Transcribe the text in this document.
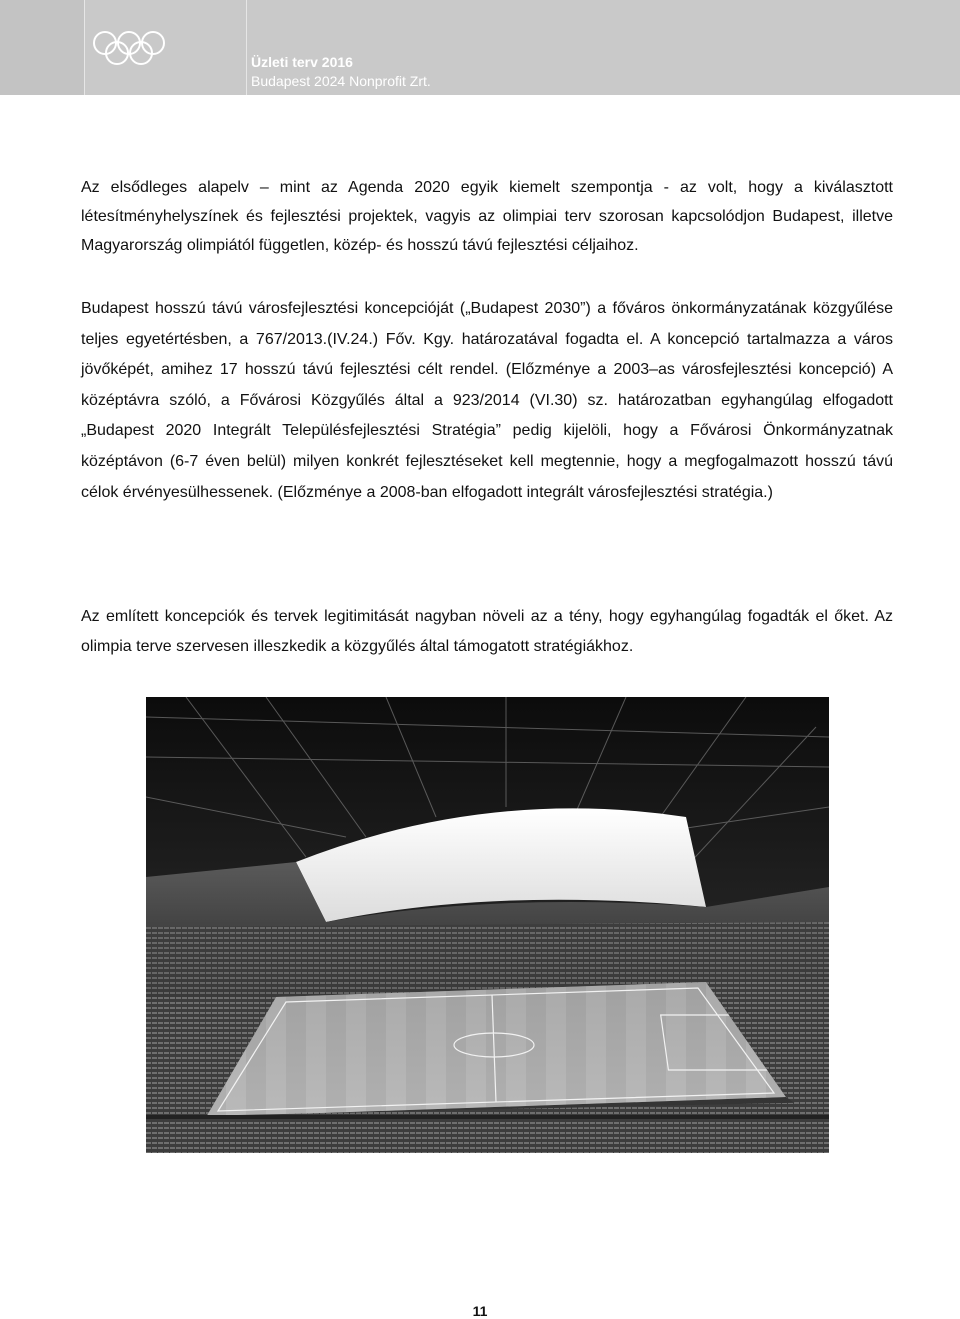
Üzleti terv 2016
Budapest 2024 Nonprofit Zrt.

Az elsődleges alapelv – mint az Agenda 2020 egyik kiemelt szempontja - az volt, hogy a kiválasztott létesítményhelyszínek és fejlesztési projektek, vagyis az olimpiai terv szorosan kapcsolódjon Budapest, illetve Magyarország olimpiától független, közép- és hosszú távú fejlesztési céljaihoz.

Budapest hosszú távú városfejlesztési koncepcióját („Budapest 2030”) a főváros önkormányzatának közgyűlése teljes egyetértésben, a 767/2013.(IV.24.) Főv. Kgy. határozatával fogadta el. A koncepció tartalmazza a város jövőképét, amihez 17 hosszú távú fejlesztési célt rendel. (Előzménye a 2003–as városfejlesztési koncepció) A középtávra szóló, a Fővárosi Közgyűlés által a 923/2014 (VI.30) sz. határozatban egyhangúlag elfogadott „Budapest 2020 Integrált Településfejlesztési Stratégia” pedig kijelöli, hogy a Fővárosi Önkormányzatnak középtávon (6-7 éven belül) milyen konkrét fejlesztéseket kell megtennie, hogy a megfogalmazott hosszú távú célok érvényesülhessenek. (Előzménye a 2008-ban elfogadott integrált városfejlesztési stratégia.)

Az említett koncepciók és tervek legitimitását nagyban növeli az a tény, hogy egyhangúlag fogadták el őket. Az olimpia terve szervesen illeszkedik a közgyűlés által támogatott stratégiákhoz.

11
